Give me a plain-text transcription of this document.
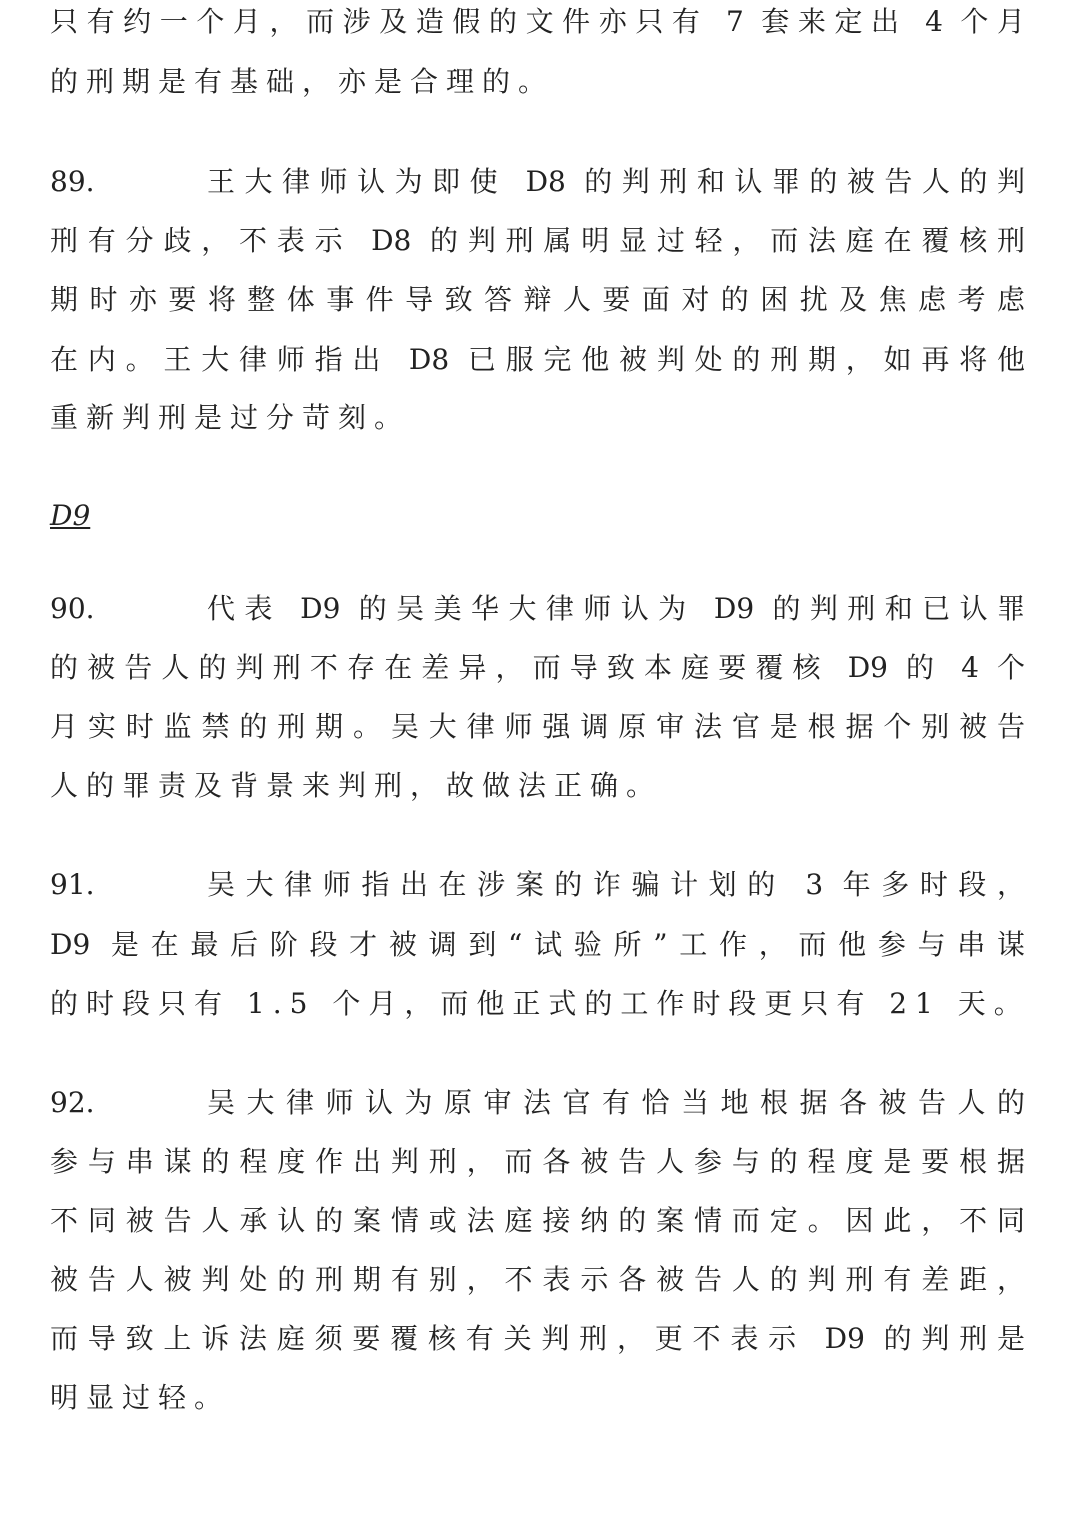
只有约一个月，而涉及造假的文件亦只有 7 套来定出 4 个月
的刑期是有基础，亦是合理的。
89.	王大律师认为即使 D8 的判刑和认罪的被告人的判
刑有分歧，不表示 D8 的判刑属明显过轻，而法庭在覆核刑
期时亦要将整体事件导致答辩人要面对的困扰及焦虑考虑
在内。王大律师指出 D8 已服完他被判处的刑期，如再将他
重新判刑是过分苛刻。
D9
90.	代表 D9 的吴美华大律师认为 D9 的判刑和已认罪
的被告人的判刑不存在差异，而导致本庭要覆核 D9 的 4 个
月实时监禁的刑期。吴大律师强调原审法官是根据个别被告
人的罪责及背景来判刑，故做法正确。
91.	吴大律师指出在涉案的诈骗计划的 3 年多时段，
D9 是在最后阶段才被调到“试验所”工作，而他参与串谋
的时段只有 1.5 个月，而他正式的工作时段更只有 21 天。
92.	吴大律师认为原审法官有恰当地根据各被告人的
参与串谋的程度作出判刑，而各被告人参与的程度是要根据
不同被告人承认的案情或法庭接纳的案情而定。因此，不同
被告人被判处的刑期有别，不表示各被告人的判刑有差距，
而导致上诉法庭须要覆核有关判刑，更不表示 D9 的判刑是
明显过轻。
